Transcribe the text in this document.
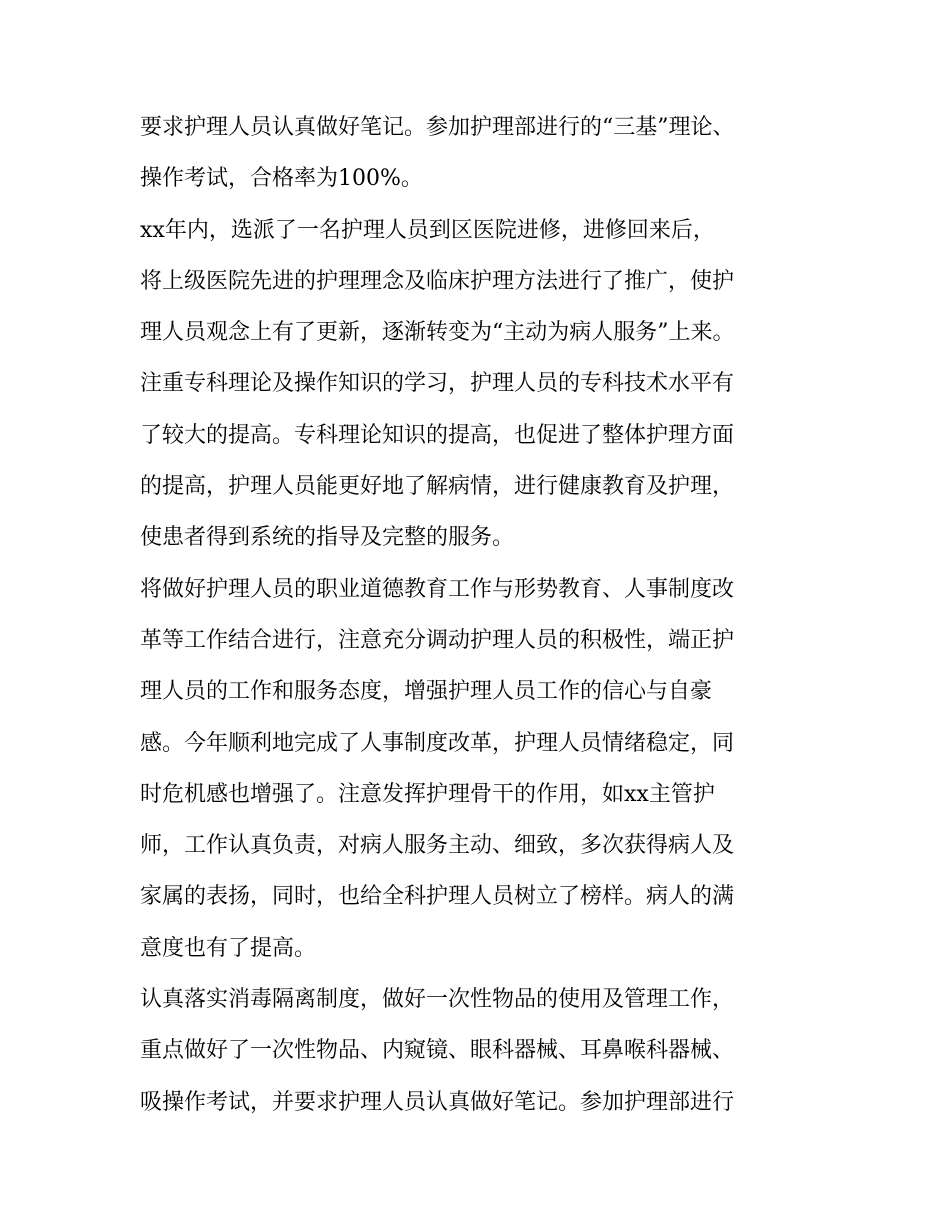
要求护理人员认真做好笔记。参加护理部进行的“三基”理论、
操作考试，合格率为100%。
xx年内，选派了一名护理人员到区医院进修，进修回来后，
将上级医院先进的护理理念及临床护理方法进行了推广，使护
理人员观念上有了更新，逐渐转变为“主动为病人服务”上来。
注重专科理论及操作知识的学习，护理人员的专科技术水平有
了较大的提高。专科理论知识的提高，也促进了整体护理方面
的提高，护理人员能更好地了解病情，进行健康教育及护理，
使患者得到系统的指导及完整的服务。
将做好护理人员的职业道德教育工作与形势教育、人事制度改
革等工作结合进行，注意充分调动护理人员的积极性，端正护
理人员的工作和服务态度，增强护理人员工作的信心与自豪
感。今年顺利地完成了人事制度改革，护理人员情绪稳定，同
时危机感也增强了。注意发挥护理骨干的作用，如xx主管护
师，工作认真负责，对病人服务主动、细致，多次获得病人及
家属的表扬，同时，也给全科护理人员树立了榜样。病人的满
意度也有了提高。
认真落实消毒隔离制度，做好一次性物品的使用及管理工作，
重点做好了一次性物品、内窥镜、眼科器械、耳鼻喉科器械、
吸操作考试，并要求护理人员认真做好笔记。参加护理部进行
